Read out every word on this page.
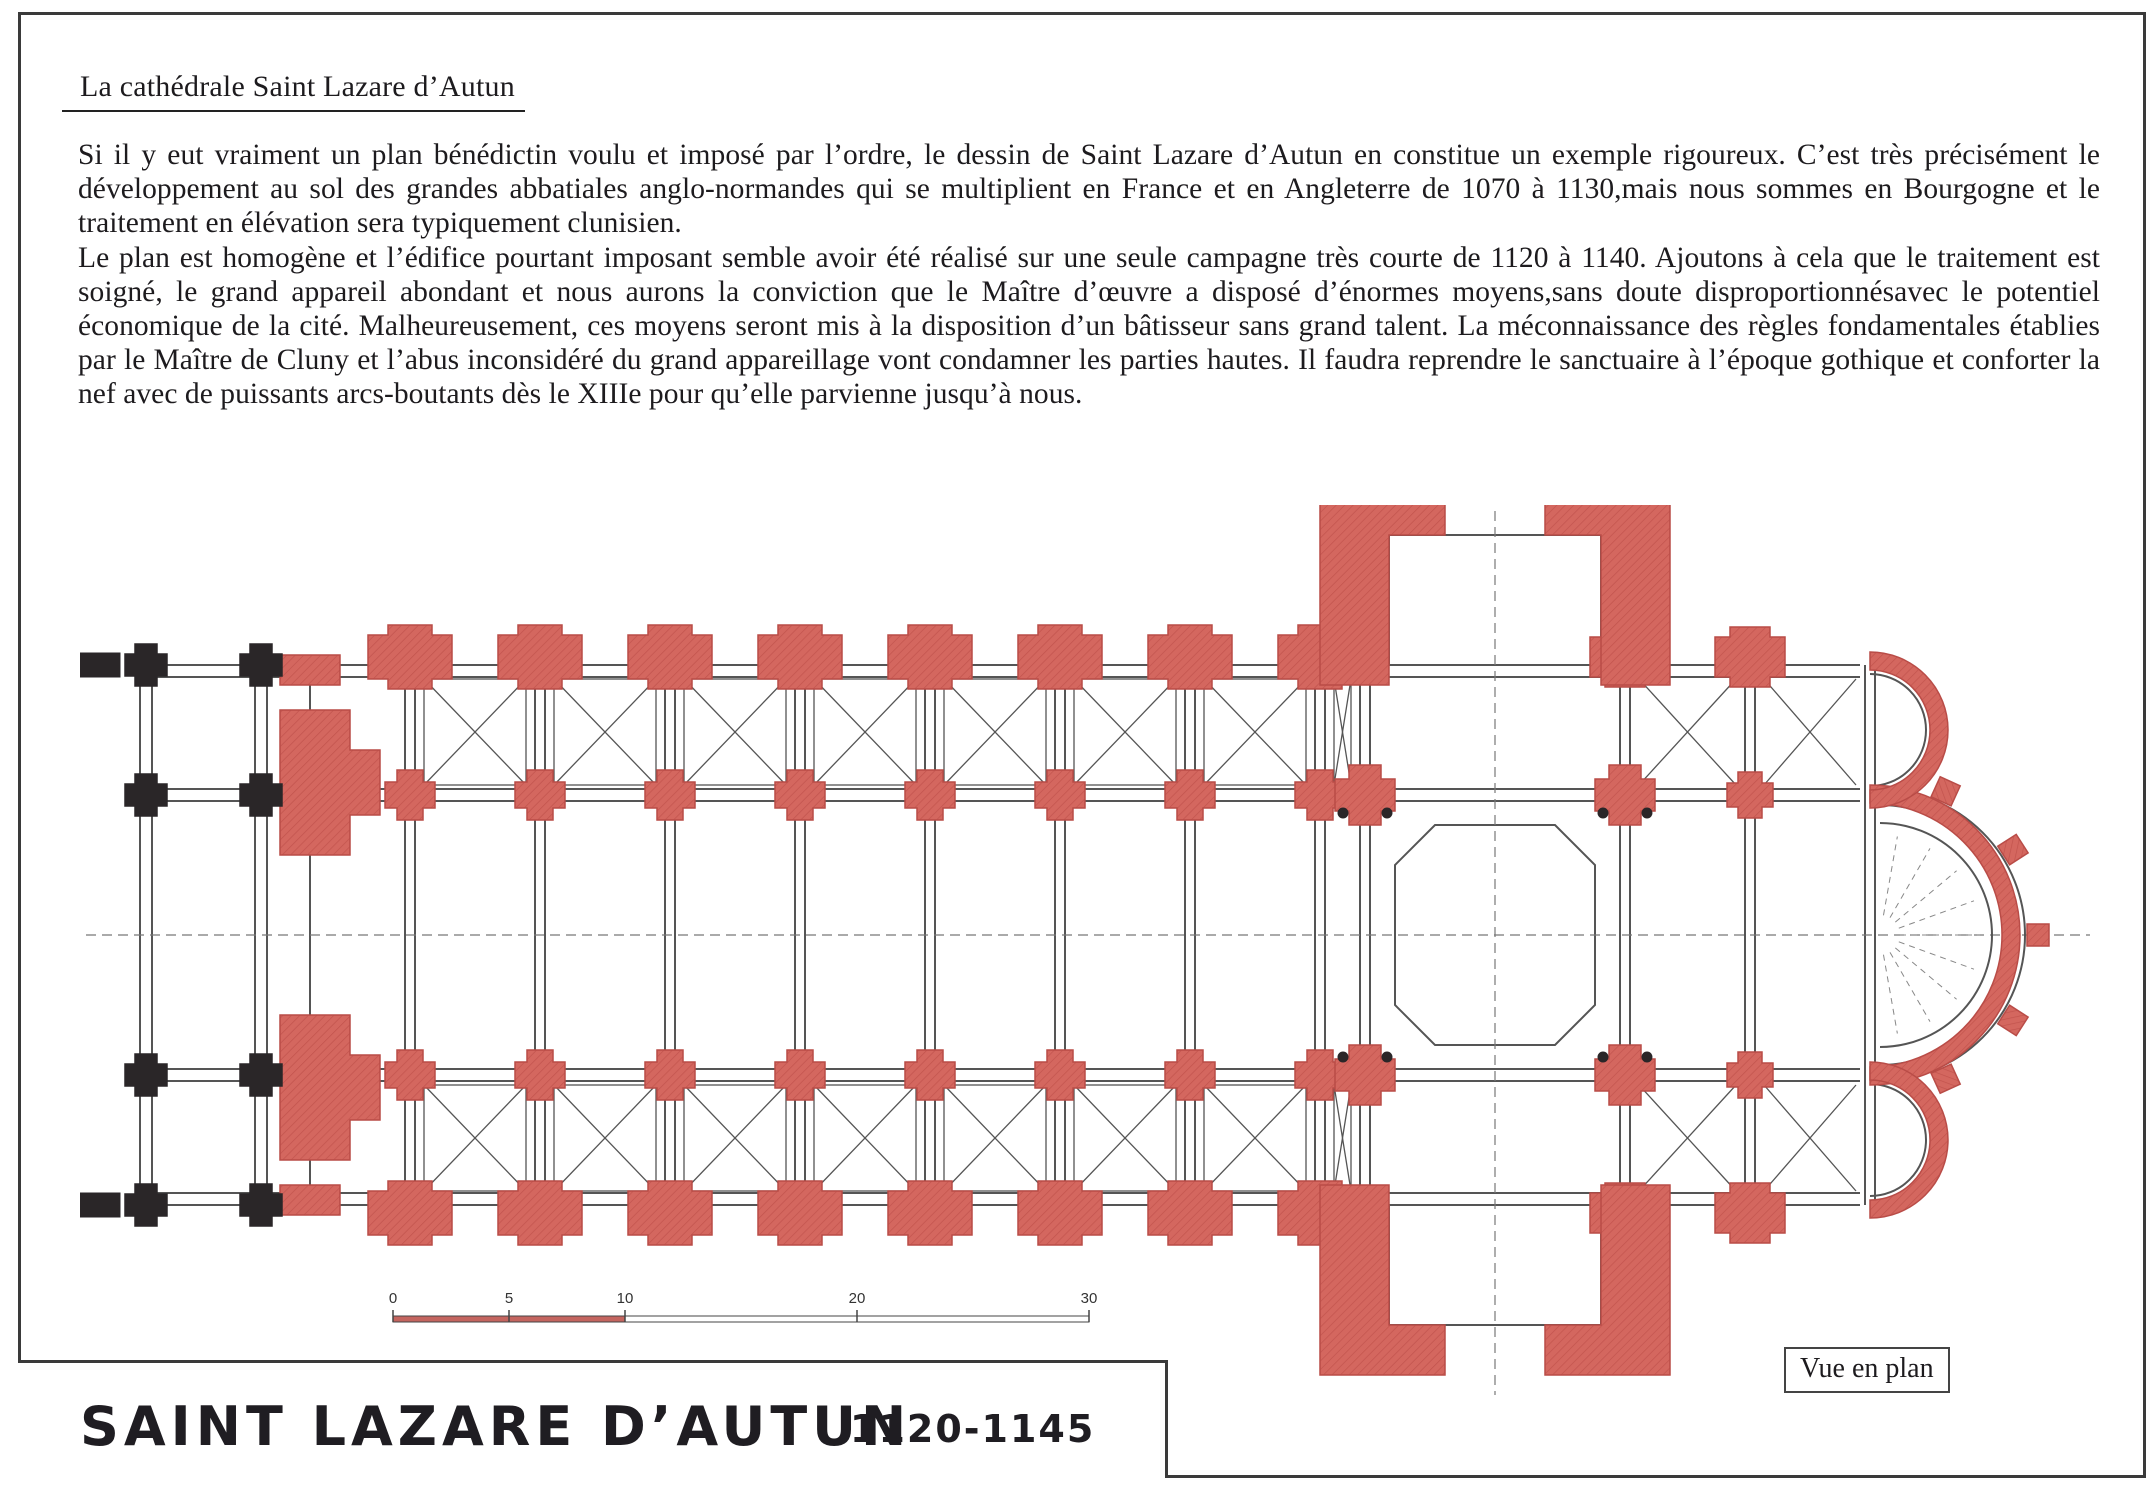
La cathédrale Saint Lazare d’Autun

Si il y eut vraiment un plan bénédictin voulu et imposé par l’ordre, le dessin de Saint Lazare d’Autun en constitue un exemple rigoureux. C’est très précisément le développement au sol des grandes abbatiales anglo-normandes qui se multiplient en France et en Angleterre de 1070 à 1130,mais nous sommes en Bourgogne et le traitement en élévation sera typiquement clunisien.

Le plan est homogène et l’édifice pourtant imposant semble avoir été réalisé sur une seule campagne très courte de 1120 à 1140. Ajoutons à cela que le traitement est soigné, le grand appareil abondant et nous aurons la conviction que le Maître d’œuvre a disposé d’énormes moyens,sans doute disproportionnésavec le potentiel économique de la cité. Malheureusement, ces moyens seront mis à la disposition d’un bâtisseur sans grand talent. La méconnaissance des règles fondamentales établies par le Maître de Cluny et l’abus inconsidéré du grand appareillage vont condamner les parties hautes. Il faudra reprendre le sanctuaire à l’époque gothique et conforter la nef avec de puissants arcs-boutants dès le XIIIe pour qu’elle parvienne jusqu’à nous.

0	5	10	20	30
SAINT LAZARE D’AUTUN
1120-1145
Vue en plan
